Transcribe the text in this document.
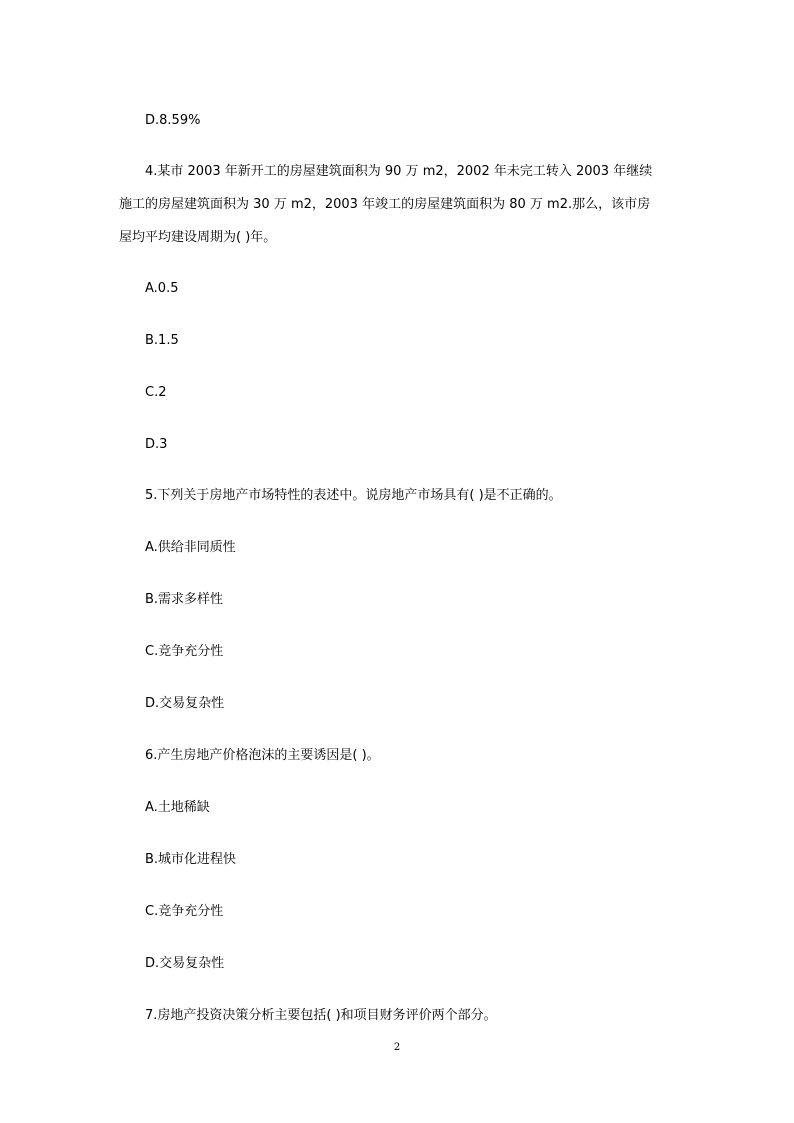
D.8.59%
4.某市 2003 年新开工的房屋建筑面积为 90 万 m2，2002 年未完工转入 2003 年继续
施工的房屋建筑面积为 30 万 m2，2003 年竣工的房屋建筑面积为 80 万 m2.那么，该市房
屋均平均建设周期为( )年。
A.0.5
B.1.5
C.2
D.3
5.下列关于房地产市场特性的表述中。说房地产市场具有( )是不正确的。
A.供给非同质性
B.需求多样性
C.竞争充分性
D.交易复杂性
6.产生房地产价格泡沫的主要诱因是( )。
A.土地稀缺
B.城市化进程快
C.竞争充分性
D.交易复杂性
7.房地产投资决策分析主要包括( )和项目财务评价两个部分。
2
